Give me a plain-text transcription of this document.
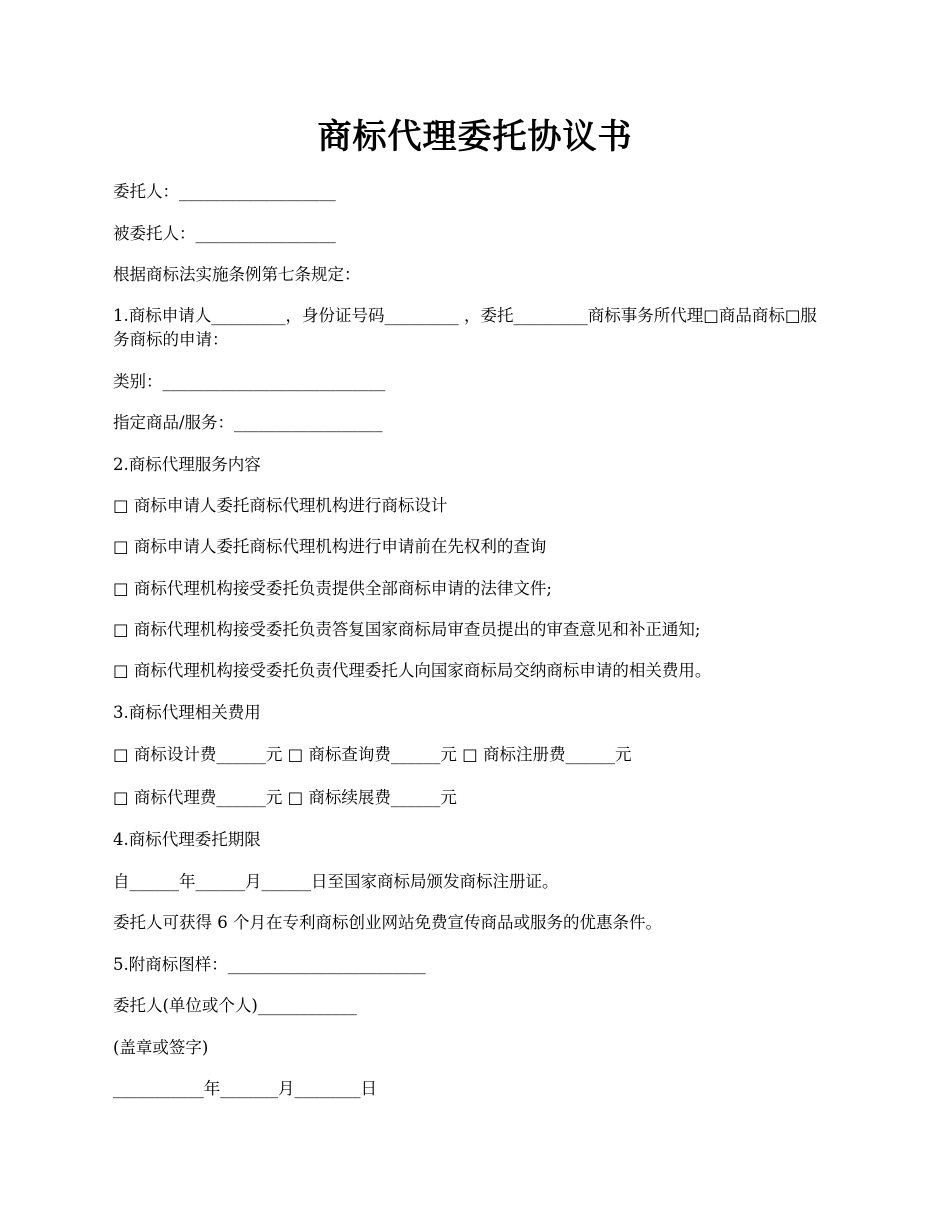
商标代理委托协议书
委托人：___________________
被委托人：_________________
根据商标法实施条例第七条规定：
1.商标申请人_________，身份证号码_________ ，委托_________商标事务所代理□商品商标□服务商标的申请：
类别：___________________________
指定商品/服务：__________________
2.商标代理服务内容
□ 商标申请人委托商标代理机构进行商标设计
□ 商标申请人委托商标代理机构进行申请前在先权利的查询
□ 商标代理机构接受委托负责提供全部商标申请的法律文件;
□ 商标代理机构接受委托负责答复国家商标局审查员提出的审查意见和补正通知;
□ 商标代理机构接受委托负责代理委托人向国家商标局交纳商标申请的相关费用。
3.商标代理相关费用
□ 商标设计费______元 □ 商标查询费______元 □ 商标注册费______元
□ 商标代理费______元 □ 商标续展费______元
4.商标代理委托期限
自______年______月______日至国家商标局颁发商标注册证。
委托人可获得 6 个月在专利商标创业网站免费宣传商品或服务的优惠条件。
5.附商标图样：________________________
委托人(单位或个人)____________
(盖章或签字)
___________年_______月________日
